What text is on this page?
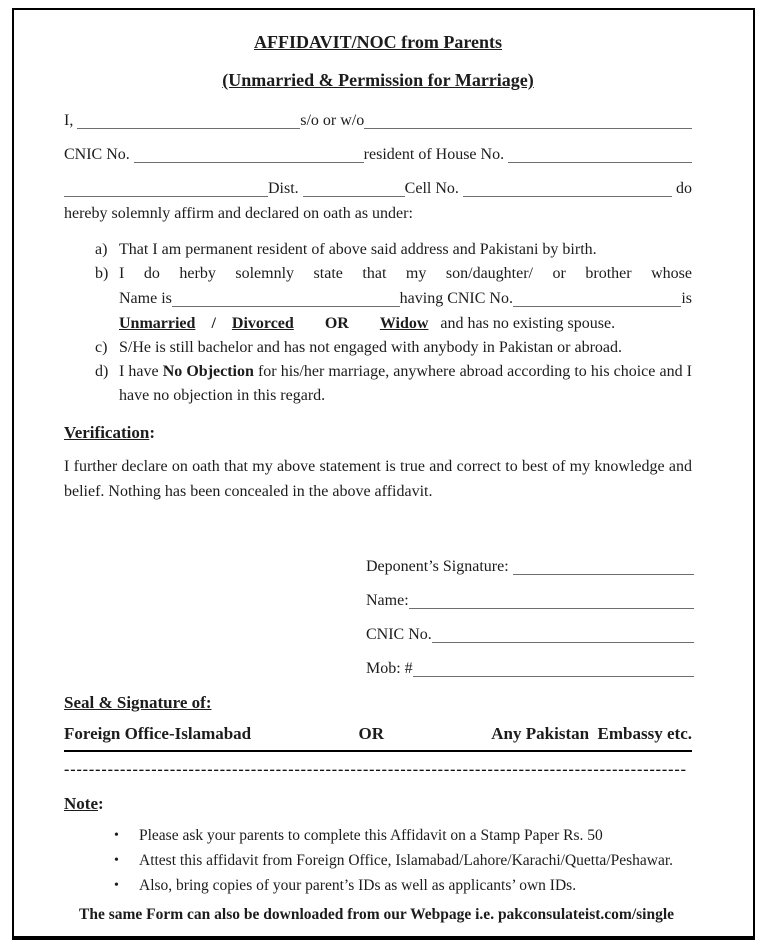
AFFIDAVIT/NOC from Parents
(Unmarried & Permission for Marriage)
I,	s/o or w/o
CNIC No.	resident of House No.
Dist.	Cell No.	do
hereby solemnly affirm and declared on oath as under:
a) That I am permanent resident of above said address and Pakistani by birth.
b) I do herby solemnly state that my son/daughter/ or brother whose
Name is	having CNIC No.	is
Unmarried / Divorced OR Widow and has no existing spouse.
c) S/He is still bachelor and has not engaged with anybody in Pakistan or abroad.
d) I have No Objection for his/her marriage, anywhere abroad according to his choice and I have no objection in this regard.
Verification:
I further declare on oath that my above statement is true and correct to best of my knowledge and belief. Nothing has been concealed in the above affidavit.
Deponent’s Signature:
Name:
CNIC No.
Mob: #
Seal & Signature of:
Foreign Office-Islamabad	OR	Any Pakistan  Embassy etc.
----------------------------------------------------------------------------------------------------
Note:
•	Please ask your parents to complete this Affidavit on a Stamp Paper Rs. 50
•	Attest this affidavit from Foreign Office, Islamabad/Lahore/Karachi/Quetta/Peshawar.
•	Also, bring copies of your parent’s IDs as well as applicants’ own IDs.
The same Form can also be downloaded from our Webpage i.e. pakconsulateist.com/single
